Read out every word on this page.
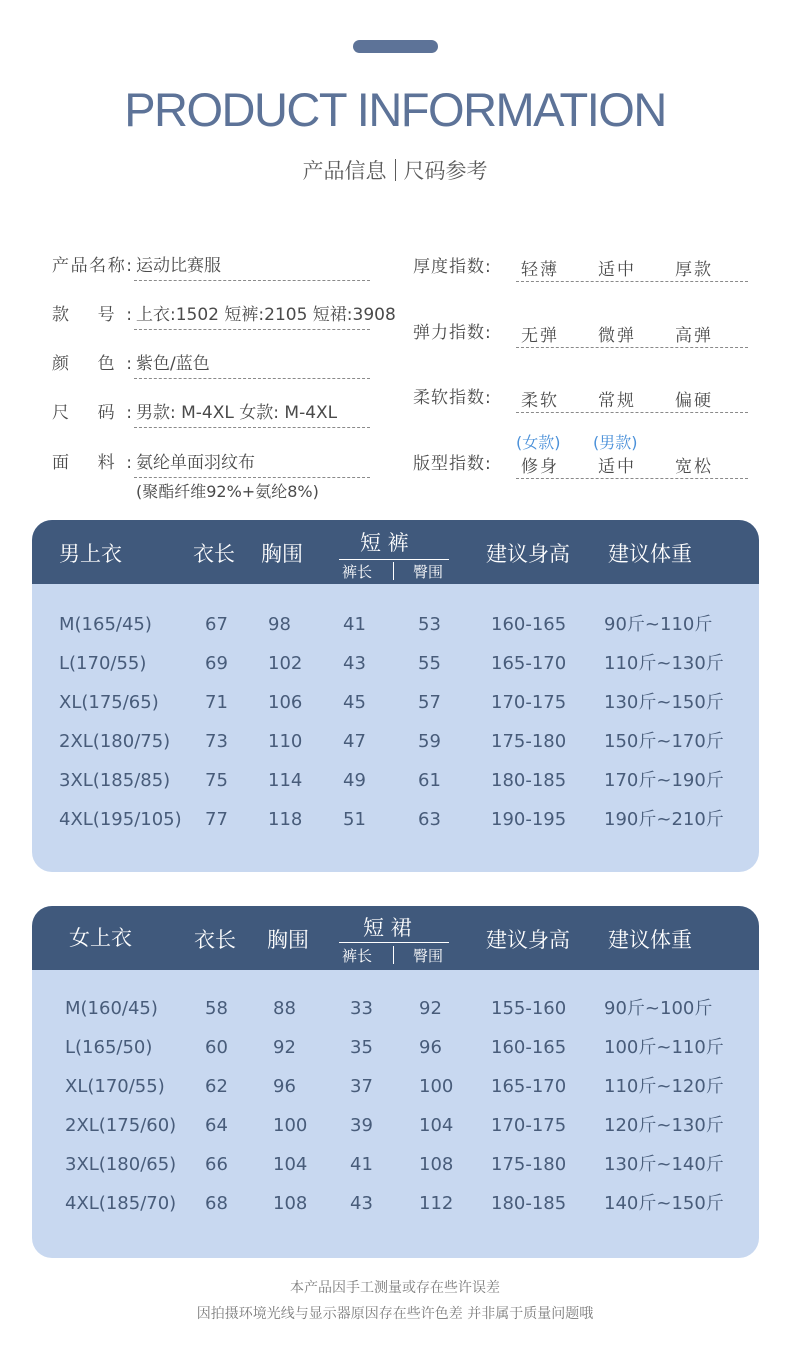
PRODUCT INFORMATION
产品信息 尺码参考
产品名称: 运动比赛服
款 号: 上衣:1502 短裤:2105 短裙:3908
颜 色: 紫色/蓝色
尺 码: 男款: M-4XL 女款: M-4XL
面 料: 氨纶单面羽纹布
(聚酯纤维92%+氨纶8%)
厚度指数:	轻薄 适中 厚款
弹力指数:	无弹 微弹 高弹
柔软指数:	柔软 常规 偏硬
(女款) (男款)
版型指数:	修身 适中 宽松
男上衣	衣长 胸围	短 裤
裤长	臀围
建议身高 建议体重
M(165/45)	67 98	41	53	160-165 90斤~110斤
L(170/55)	69 102 43	55	165-170 110斤~130斤
XL(175/65)	71 106 45	57	170-175 130斤~150斤
2XL(180/75) 73 110 47	59	175-180 150斤~170斤
3XL(185/85) 75 114 49	61	180-185 170斤~190斤
4XL(195/105) 77 118 51	63	190-195 190斤~210斤
女上衣	衣长 胸围	短 裙
裤长	臀围
建议身高 建议体重
M(160/45)	58	88	33	92	155-160 90斤~100斤
L(165/50)	60	92	35	96	160-165 100斤~110斤
XL(170/55) 62	96	37	100 165-170 110斤~120斤
2XL(175/60) 64	100 39	104 170-175 120斤~130斤
3XL(180/65) 66	104 41	108 175-180 130斤~140斤
4XL(185/70) 68	108 43	112 180-185 140斤~150斤
本产品因手工测量或存在些许误差
因拍摄环境光线与显示器原因存在些许色差 并非属于质量问题哦
